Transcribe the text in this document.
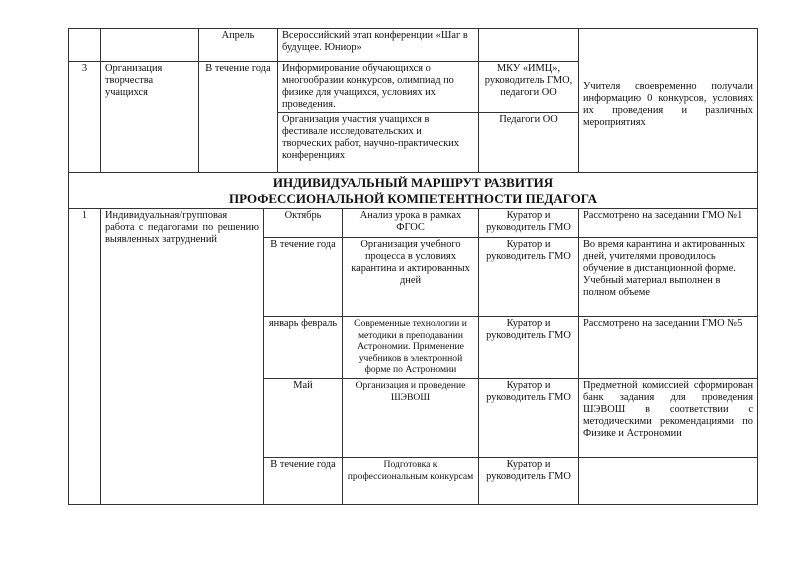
		Апрель	Всероссийский этап конференции «Шаг в будущее. Юниор»		Учителя своевременно получали информацию 0 конкурсов, условиях их проведения и различных мероприятиях
3	Организация творчества учащихся	В течение года	Информирование обучающихся о многообразии конкурсов, олимпиад по физике для учащихся, условиях их проведения.	МКУ «ИМЦ», руководитель ГМО, педагоги ОО	
			Организация участия учащихся в фестивале исследовательских и творческих работ, научно-практических конференциях	Педагоги ОО	
ИНДИВИДУАЛЬНЫЙ МАРШРУТ РАЗВИТИЯ
ПРОФЕССИОНАЛЬНОЙ КОМПЕТЕНТНОСТИ ПЕДАГОГА					

1	Индивидуальная/групповая работа с педагогами по решению выявленных затруднений	Октябрь	Анализ урока в рамках ФГОС	Куратор и руководитель ГМО	Рассмотрено на заседании ГМО №1
		В течение года	Организация учебного процесса в условиях карантина и актированных дней	Куратор и руководитель ГМО	Во время карантина и актированных дней, учителями проводилось обучение в дистанционной форме. Учебный материал выполнен в полном объеме
		январь февраль	Современные технологии и методики в преподавании Астрономии. Применение учебников в электронной форме по Астрономии	Куратор и руководитель ГМО	Рассмотрено на заседании ГМО №5
		Май	Организация и проведение ШЭВОШ	Куратор и руководитель ГМО	Предметной комиссией сформирован банк задания для проведения ШЭВОШ в соответствии с методическими рекомендациями по Физике и Астрономии
		В течение года	Подготовка к профессиональным конкурсам	Куратор и руководитель ГМО	
